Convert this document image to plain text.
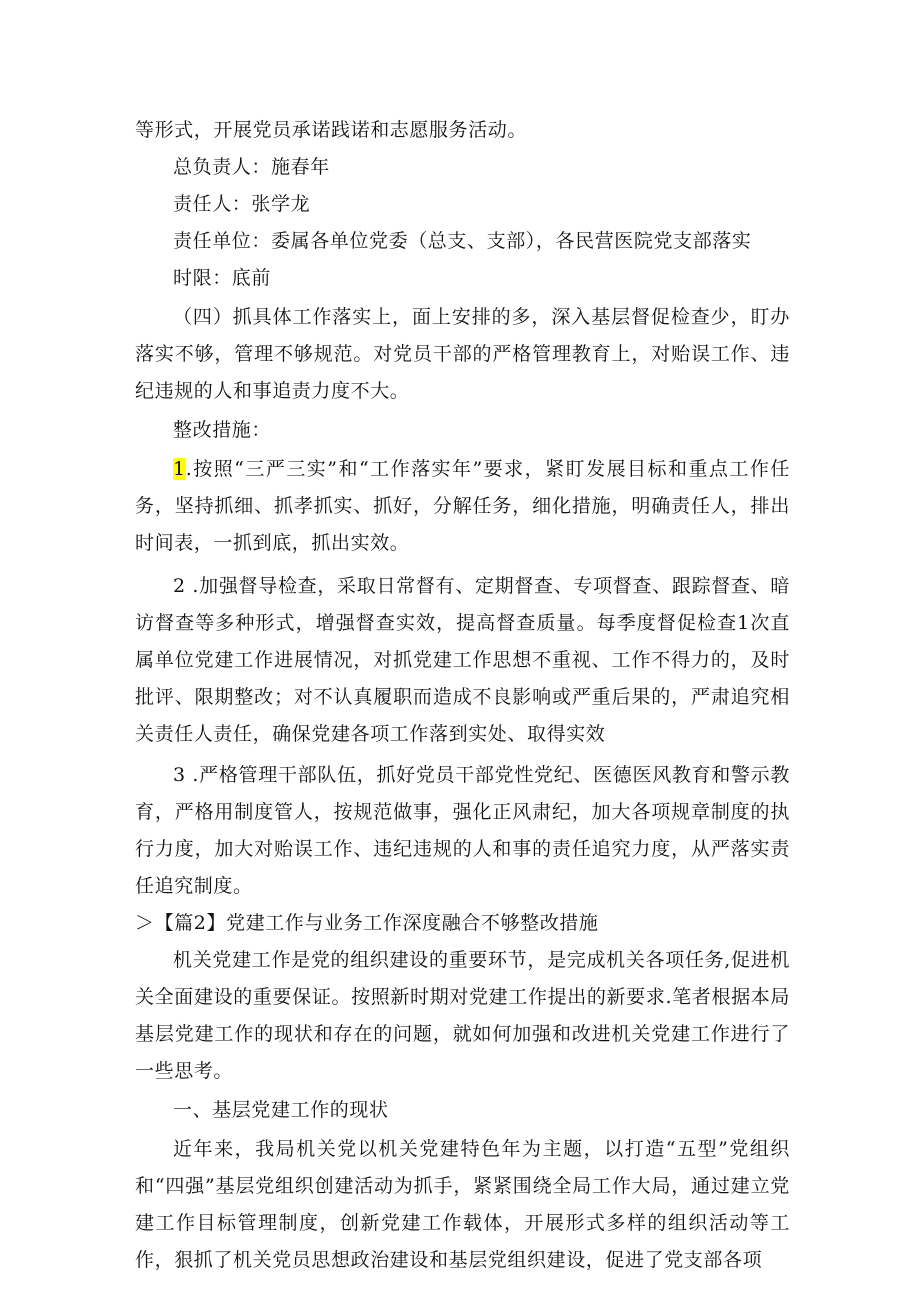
等形式，开展党员承诺践诺和志愿服务活动。

总负责人：施春年

责任人：张学龙

责任单位：委属各单位党委（总支、支部），各民营医院党支部落实

时限：底前

（四）抓具体工作落实上，面上安排的多，深入基层督促检查少，盯办落实不够，管理不够规范。对党员干部的严格管理教育上，对贻误工作、违纪违规的人和事追责力度不大。

整改措施：

1.按照“三严三实”和“工作落实年”要求，紧盯发展目标和重点工作任务，坚持抓细、抓孝抓实、抓好，分解任务，细化措施，明确责任人，排出时间表，一抓到底，抓出实效。

2 .加强督导检查，采取日常督有、定期督查、专项督查、跟踪督查、暗访督查等多种形式，增强督查实效，提高督查质量。每季度督促检查1次直属单位党建工作进展情况，对抓党建工作思想不重视、工作不得力的，及时批评、限期整改；对不认真履职而造成不良影响或严重后果的，严肃追究相关责任人责任，确保党建各项工作落到实处、取得实效

3 .严格管理干部队伍，抓好党员干部党性党纪、医德医风教育和警示教育，严格用制度管人，按规范做事，强化正风肃纪，加大各项规章制度的执行力度，加大对贻误工作、违纪违规的人和事的责任追究力度，从严落实责任追究制度。

＞【篇2】党建工作与业务工作深度融合不够整改措施

机关党建工作是党的组织建设的重要环节，是完成机关各项任务,促进机关全面建设的重要保证。按照新时期对党建工作提出的新要求.笔者根据本局基层党建工作的现状和存在的问题，就如何加强和改进机关党建工作进行了一些思考。

一、基层党建工作的现状

近年来，我局机关党以机关党建特色年为主题，以打造“五型”党组织和“四强”基层党组织创建活动为抓手，紧紧围绕全局工作大局，通过建立党建工作目标管理制度，创新党建工作载体，开展形式多样的组织活动等工作，狠抓了机关党员思想政治建设和基层党组织建设，促进了党支部各项
